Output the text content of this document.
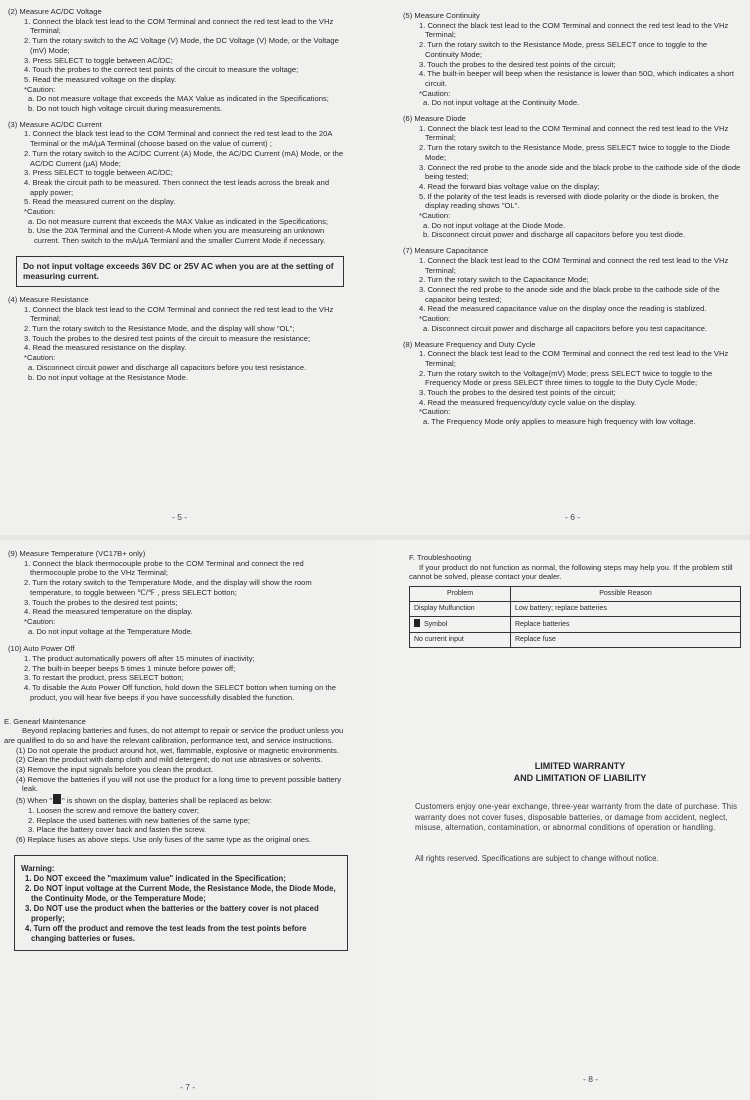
(2) Measure AC/DC Voltage
1. Connect the black test lead to the COM Terminal and connect the red test lead to the VHz Terminal;
2. Turn the rotary switch to the AC Voltage (V) Mode, the DC Voltage (V) Mode, or the Voltage (mV) Mode;
3. Press SELECT to toggle between AC/DC;
4. Touch the probes to the correct test points of the circuit to measure the voltage;
5. Read the measured voltage on the display.
*Caution:
a. Do not measure voltage that exceeds the MAX Value as indicated in the Specifications;
b. Do not touch high voltage circuit during measurements.
(3) Measure AC/DC Current
1. Connect the black test lead to the COM Terminal and connect the red test lead to the 20A Terminal or the mA/μA Terminal (choose based on the value of current) ;
2. Turn the rotary switch to the AC/DC Current (A) Mode, the AC/DC Current (mA) Mode, or the AC/DC Current (μA) Mode;
3. Press SELECT to toggle between AC/DC;
4. Break the circuit path to be measured. Then connect the test leads across the break and apply power;
5. Read the measured current on the display.
*Caution:
a. Do not measure current that exceeds the MAX Value as indicated in the Specifications;
b. Use the 20A Terminal and the Current-A Mode when you are measureing an unknown current. Then switch to the mA/μA Termianl and the smaller Current Mode if necessary.
Do not input voltage exceeds 36V DC or 25V AC when you are at the setting of measuring current.
(4) Measure Resistance
1. Connect the black test lead to the COM Terminal and connect the red test lead to the VHz Terminal;
2. Turn the rotary switch to the Resistance Mode, and the display will show "OL";
3. Touch the probes to the desired test points of the circuit to measure the resistance;
4. Read the measured resistance on the display.
*Caution:
a. Disconnect circuit power and discharge all capacitors before you test resistance.
b. Do not input voltage at the Resistance Mode.
- 5 -
(5) Measure Continuity
1. Connect the black test lead to the COM Terminal and connect the red test lead to the VHz Terminal;
2. Turn the rotary switch to the Resistance Mode, press SELECT once to toggle to the Continuity Mode;
3. Touch the probes to the desired test points of the circuit;
4. The built-in beeper will beep when the resistance is lower than 50Ω, which indicates a short circuit.
*Caution:
a. Do not input voltage at the Continuity Mode.
(6) Measure Diode
1. Connect the black test lead to the COM Terminal and connect the red test lead to the VHz Terminal;
2. Turn the rotary switch to the Resistance Mode, press SELECT twice to toggle to the Diode Mode;
3. Connect the red probe to the anode side and the black probe to the cathode side of the diode being tested;
4. Read the forward bias voltage value on the display;
5. If the polarity of the test leads is reversed with diode polarity or the diode is broken, the display reading shows "OL".
*Caution:
a. Do not input voltage at the Diode Mode.
b. Disconnect circuit power and discharge all capacitors before you test diode.
(7) Measure Capacitance
1. Connect the black test lead to the COM Terminal and connect the red test lead to the VHz Terminal;
2. Turn the rotary switch to the Capacitance Mode;
3. Connect the red probe to the anode side and the black probe to the cathode side of the capacitor being tested;
4. Read the measured capacitance value on the display once the reading is stablized.
*Caution:
a. Disconnect circuit power and discharge all capacitors before you test capacitance.
(8) Measure Frequency and Duty Cycle
1. Connect the black test lead to the COM Terminal and connect the red test lead to the VHz Terminal;
2. Turn the rotary switch to the Voltage(mV) Mode; press SELECT twice to toggle to the Frequency Mode or press SELECT three times to toggle to the Duty Cycle Mode;
3. Touch the probes to the desired test points of the circuit;
4. Read the measured frequency/duty cycle value on the display.
*Caution:
a. The Frequency Mode only applies to measure high frequency with low voltage.
- 6 -
(9) Measure Temperature (VC17B+ only)
1. Connect the black thermocouple probe to the COM Terminal and connect the red thermocouple probe to the VHz Terminal;
2. Turn the rotary switch to the Temperature Mode, and the display will show the room temperature, to toggle between ℃/℉ , press SELECT botton;
3. Touch the probes to the desired test points;
4. Read the measured temperature on the display.
*Caution:
a. Do not input voltage at the Temperature Mode.
(10) Auto Power Off
1. The product automatically powers off after 15 minutes of inactivity;
2. The built-in beeper beeps 5 times 1 minute before power off;
3. To restart the product, press SELECT botton;
4. To disable the Auto Power Off function, hold down the SELECT botton when turning on the product, you will hear five beeps if you have successfully disabled the function.
E. Genearl Maintenance
Beyond replacing batteries and fuses, do not attempt to repair or service the product unless you are qualified to do so and have the relevant calibration, performance test, and service instructions.
(1) Do not operate the product around hot, wet, flammable, explosive or magnetic environments.
(2) Clean the product with damp cloth and mild detergent; do not use abrasives or solvents.
(3) Remove the input signals before you clean the product.
(4) Remove the batteries if you will not use the product for a long time to prevent possible battery leak.
(5) When " " is shown on the display, batteries shall be replaced as below:
1. Loosen the screw and remove the battery cover;
2. Replace the used batteries with new batteries of the same type;
3. Place the battery cover back and fasten the screw.
(6) Replace fuses as above steps. Use only fuses of the same type as the original ones.
Warning:
1. Do NOT exceed the "maximum value" indicated in the Specification;
2. Do NOT input voltage at the Current Mode, the Resistance Mode, the Diode Mode, the Continuity Mode, or the Temperature Mode;
3. Do NOT use the product when the batteries or the battery cover is not placed properly;
4. Turn off the product and remove the test leads from the test points before changing batteries or fuses.
- 7 -
F. Troubleshooting
If your product do not function as normal, the following steps may help you. If the problem still cannot be solved, please contact your dealer.
Problem	Possible Reason
Display Mulfunction	Low battery; replace batteries
Symbol	Replace batteries
No current input	Replace fuse
LIMITED WARRANTY
AND LIMITATION OF LIABILITY
Customers enjoy one-year exchange, three-year warranty from the date of purchase. This warranty does not cover fuses, disposable batteries, or damage from accident, neglect, misuse, alternation, contamination, or abnormal conditions of operation or handling.
All rights reserved. Specifications are subject to change without notice.
- 8 -
